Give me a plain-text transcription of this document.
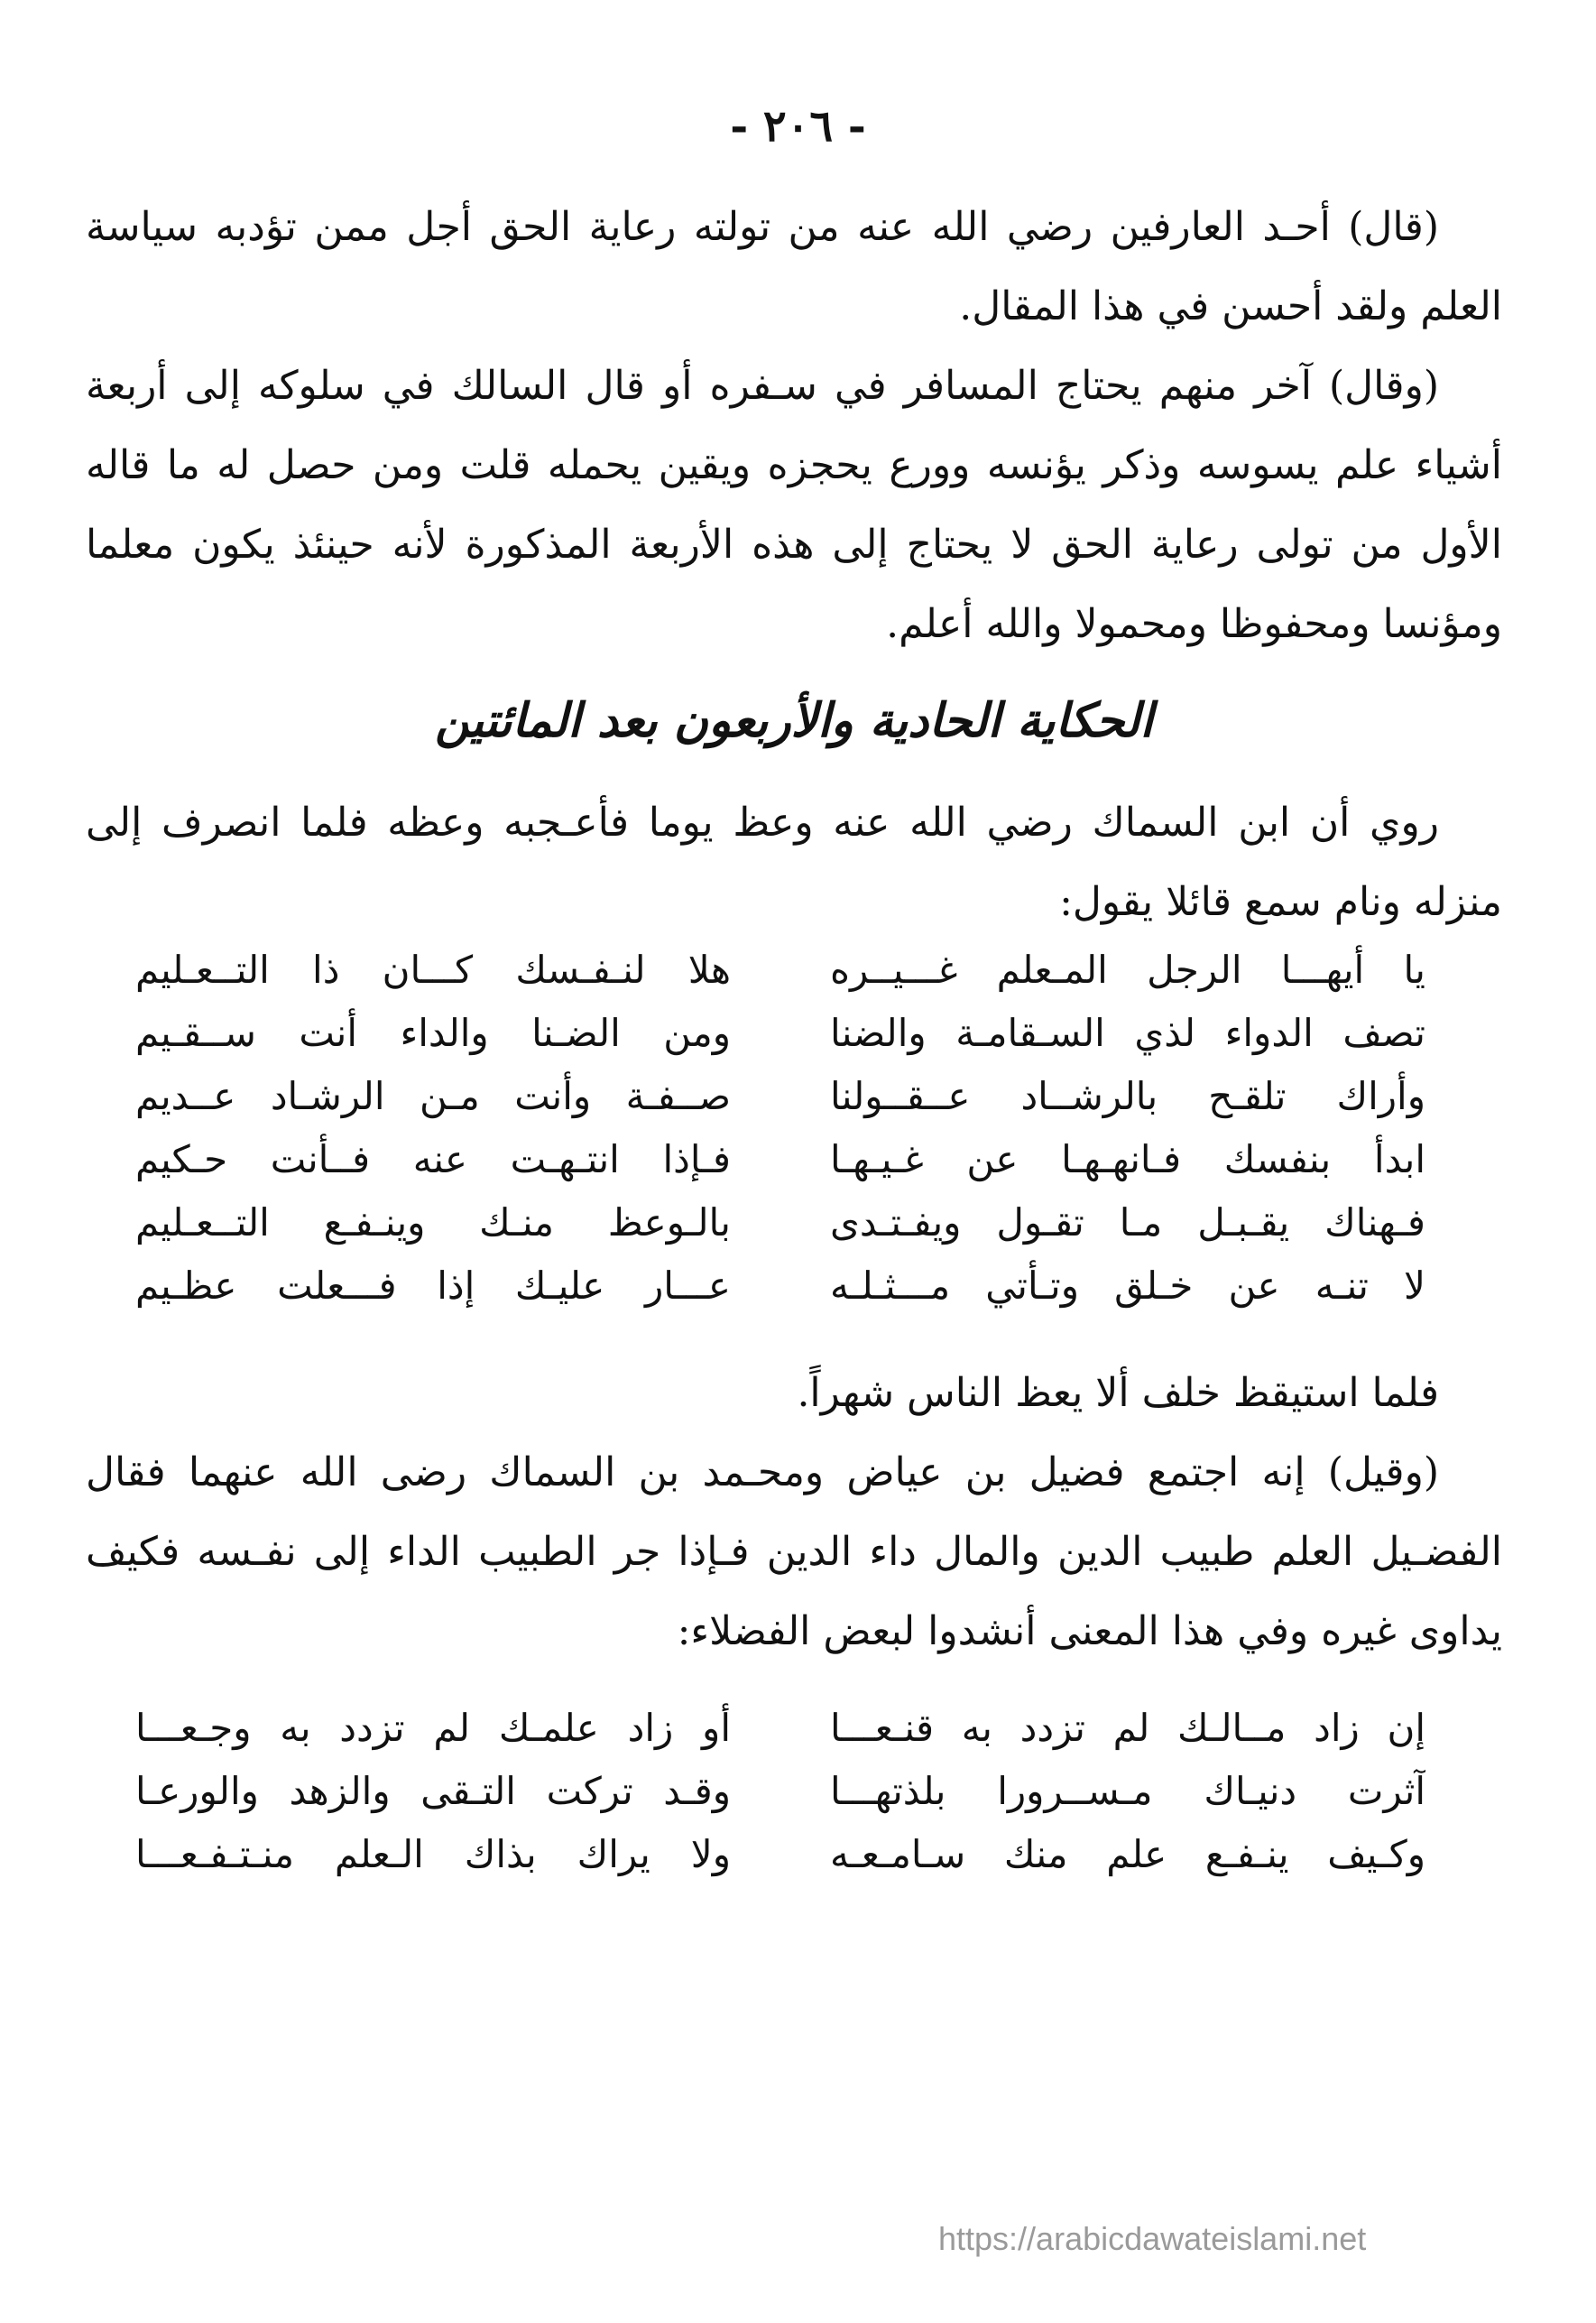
- ٢٠٦ -

(قال) أحـد العارفين رضي الله عنه من تولته رعاية الحق أجل ممن تؤدبه سياسة العلم ولقد أحسن في هذا المقال.

(وقال) آخر منهم يحتاج المسافر في سـفره أو قال السالك في سلوكه إلى أربعة أشياء علم يسوسه وذكر يؤنسه وورع يحجزه ويقين يحمله قلت ومن حصل له ما قاله الأول من تولى رعاية الحق لا يحتاج إلى هذه الأربعة المذكورة لأنه حينئذ يكون معلما ومؤنسا ومحفوظا ومحمولا والله أعلم.

الحكاية الحادية والأربعون بعد المائتين

روي أن ابن السماك رضي الله عنه وعظ يوما فأعـجبه وعظه فلما انصرف إلى منزله ونام سمع قائلا يقول:

يا أيهـــا الرجل المـعلم غـــيــره
هلا لنـفـسك كـــان ذا التــعـليم
تصف الدواء لذي السـقامـة والضنا
ومن الضـنا والداء أنت ســقـيم
وأراك تلقـح بالرشــاد عــقــولنا
صــفـة وأنت مـن الرشـاد عــديم
ابدأ بنفسك فـانهـهـا عن غـيـهـا
فـإذا انتـهـت عنه فــأنت حـكيم
فـهناك يقـبـل مـا تقـول ويفـتـدى
بالـوعظ منـك وينـفـع التــعـليم
لا تنـه عن خـلق وتـأتي مـــثـلـه
عـــار عليـك إذا فـــعلت عظـيم

فلما استيقظ خلف ألا يعظ الناس شهراً.

(وقيل) إنه اجتمع فضيل بن عياض ومحـمد بن السماك رضى الله عنهما فقال الفضـيل العلم طبيب الدين والمال داء الدين فـإذا جر الطبيب الداء إلى نفـسه فكيف يداوى غيره وفي هذا المعنى أنشدوا لبعض الفضلاء:

إن زاد مــالـك لم تزدد به قنـعـــا
أو زاد علمـك لم تزدد به وجـعـــا
آثرت دنيـاك مـســرورا بلذتهـــا
وقـد تركت التـقى والزهد والورعـا
وكـيف ينـفـع علم منك سـامـعـه
ولا يراك بذاك الـعلم منـتـفـعـــا
https://arabicdawateislami.net
